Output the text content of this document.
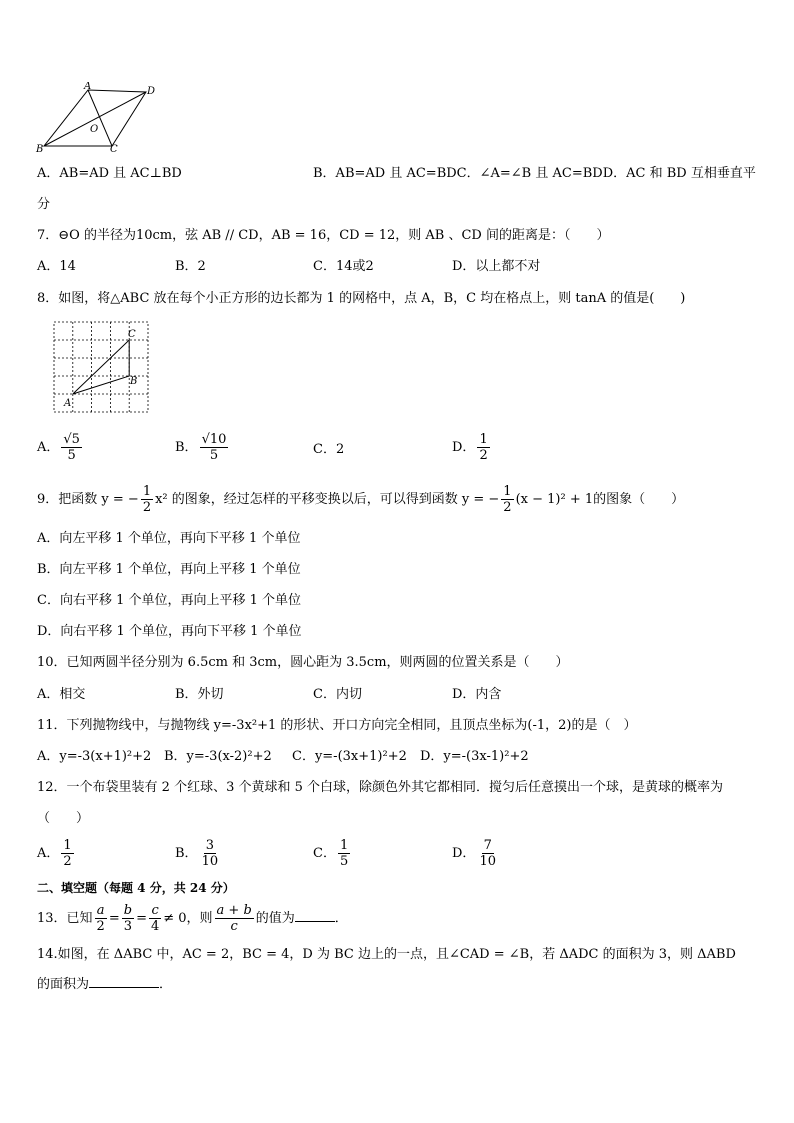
A	D
O
B	C
A．AB=AD 且 AC⊥BD	B．AB=AD 且 AC=BDC．∠A=∠B 且 AC=BDD．AC 和 BD 互相垂直平
分
7．⊖O 的半径为10cm，弦 AB // CD，AB = 16，CD = 12，则 AB 、CD 间的距离是：（　　）
A．14	B．2	C．14或2	D．以上都不对
8．如图，将△ABC 放在每个小正方形的边长都为 1 的网格中，点 A，B，C 均在格点上，则 tanA 的值是(　　)
A
B
C
A． $\frac{√5}{5}$	B． $\frac{√10}{5}$	C．2	D． $\frac{1}{2}$
9．把函数 y = − $\frac{1}{2} x^2$ 的图象，经过怎样的平移变换以后，可以得到函数 y = − $\frac{1}{2} (x - 1)^2 + 1$的图象（　　）
A．向左平移 1 个单位，再向下平移 1 个单位
B．向左平移 1 个单位，再向上平移 1 个单位
C．向右平移 1 个单位，再向上平移 1 个单位
D．向右平移 1 个单位，再向下平移 1 个单位
10．已知两圆半径分别为 6.5cm 和 3cm，圆心距为 3.5cm，则两圆的位置关系是（　　）
A．相交	B．外切	C．内切	D．内含
11．下列抛物线中，与抛物线 y=-3x²+1 的形状、开口方向完全相同，且顶点坐标为(-1，2)的是（　）
A．y=-3(x+1)²+2 B．y=-3(x-2)²+2 C．y=-(3x+1)²+2 D．y=-(3x-1)²+2
12．一个布袋里装有 2 个红球、3 个黄球和 5 个白球，除颜色外其它都相同．搅匀后任意摸出一个球，是黄球的概率为
（　　）
A． $\frac{1}{2}$	B． $\frac{3}{10}$	C． $\frac{1}{5}$	D． $\frac{7}{10}$
二、填空题（每题 4 分，共 24 分）
13．已知 $\frac{a}{2} = \frac{b}{3} = \frac{c}{4} \ne 0$，则 $\frac{a + b}{c}$ 的值为	．
14.如图，在 ΔABC 中，AC = 2，BC = 4，D 为 BC 边上的一点，且∠CAD = ∠B，若 ΔADC 的面积为 3，则 ΔABD
的面积为	．
